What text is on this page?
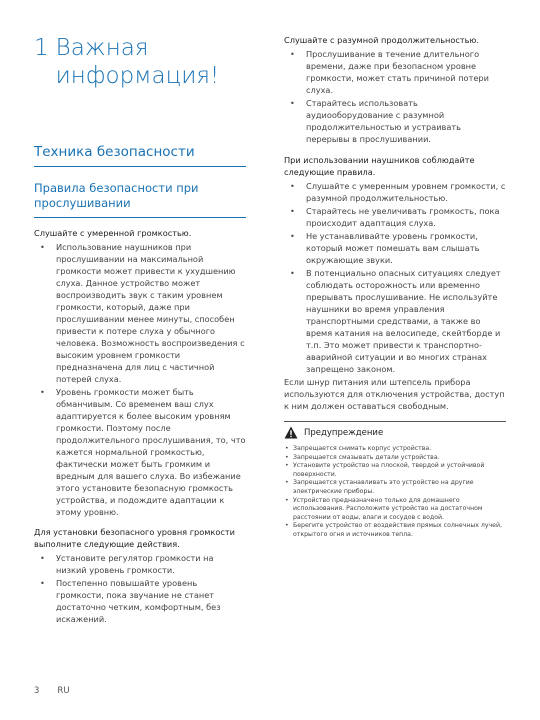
1 Важная информация!
Техника безопасности
Правила безопасности при прослушивании
Слушайте с умеренной громкостью.
• Использование наушников при прослушивании на максимальной громкости может привести к ухудшению слуха. Данное устройство может воспроизводить звук с таким уровнем громкости, который, даже при прослушивании менее минуты, способен привести к потере слуха у обычного человека. Возможность воспроизведения с высоким уровнем громкости предназначена для лиц с частичной потерей слуха.
• Уровень громкости может быть обманчивым. Со временем ваш слух адаптируется к более высоким уровням громкости. Поэтому после продолжительного прослушивания, то, что кажется нормальной громкостью, фактически может быть громким и вредным для вашего слуха. Во избежание этого установите безопасную громкость устройства, и подождите адаптации к этому уровню.
Для установки безопасного уровня громкости выполните следующие действия.
• Установите регулятор громкости на низкий уровень громкости.
• Постепенно повышайте уровень громкости, пока звучание не станет достаточно четким, комфортным, без искажений.
Слушайте с разумной продолжительностью.
• Прослушивание в течение длительного времени, даже при безопасном уровне громкости, может стать причиной потери слуха.
• Старайтесь использовать аудиооборудование с разумной продолжительностью и устраивать перерывы в прослушивании.
При использовании наушников соблюдайте следующие правила.
• Слушайте с умеренным уровнем громкости, с разумной продолжительностью.
• Старайтесь не увеличивать громкость, пока происходит адаптация слуха.
• Не устанавливайте уровень громкости, который может помешать вам слышать окружающие звуки.
• В потенциально опасных ситуациях следует соблюдать осторожность или временно прерывать прослушивание. Не используйте наушники во время управления транспортными средствами, а также во время катания на велосипеде, скейтборде и т.п. Это может привести к транспортно-аварийной ситуации и во многих странах запрещено законом.
Если шнур питания или штепсель прибора используются для отключения устройства, доступ к ним должен оставаться свободным.
Предупреждение
• Запрещается снимать корпус устройства.
• Запрещается смазывать детали устройства.
• Установите устройство на плоской, твердой и устойчивой поверхности.
• Запрещается устанавливать это устройство на другие электрические приборы.
• Устройство предназначено только для домашнего использования. Расположите устройство на достаточном расстоянии от воды, влаги и сосудов с водой.
• Берегите устройство от воздействия прямых солнечных лучей, открытого огня и источников тепла.
3 RU
